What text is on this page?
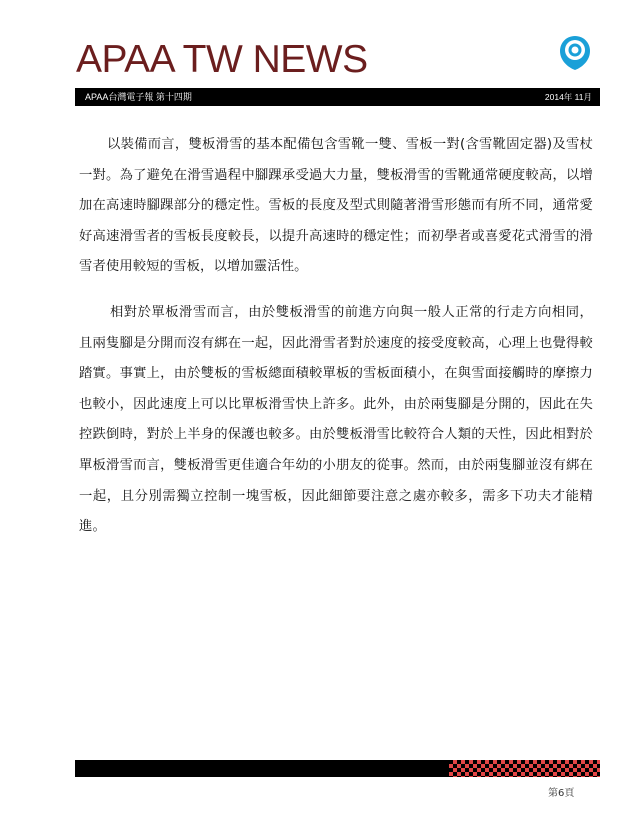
APAA TW NEWS
APAA台灣電子報 第十四期	2014年 11月

以裝備而言，雙板滑雪的基本配備包含雪靴一雙、雪板一對(含雪靴固定器)及雪杖一對。為了避免在滑雪過程中腳踝承受過大力量，雙板滑雪的雪靴通常硬度較高，以增加在高速時腳踝部分的穩定性。雪板的長度及型式則隨著滑雪形態而有所不同，通常愛好高速滑雪者的雪板長度較長，以提升高速時的穩定性；而初學者或喜愛花式滑雪的滑雪者使用較短的雪板，以增加靈活性。

相對於單板滑雪而言，由於雙板滑雪的前進方向與一般人正常的行走方向相同，且兩隻腳是分開而沒有綁在一起，因此滑雪者對於速度的接受度較高，心理上也覺得較踏實。事實上，由於雙板的雪板總面積較單板的雪板面積小，在與雪面接觸時的摩擦力也較小，因此速度上可以比單板滑雪快上許多。此外，由於兩隻腳是分開的，因此在失控跌倒時，對於上半身的保護也較多。由於雙板滑雪比較符合人類的天性，因此相對於單板滑雪而言，雙板滑雪更佳適合年幼的小朋友的從事。然而，由於兩隻腳並沒有綁在一起，且分別需獨立控制一塊雪板，因此細節要注意之處亦較多，需多下功夫才能精進。

第6頁
